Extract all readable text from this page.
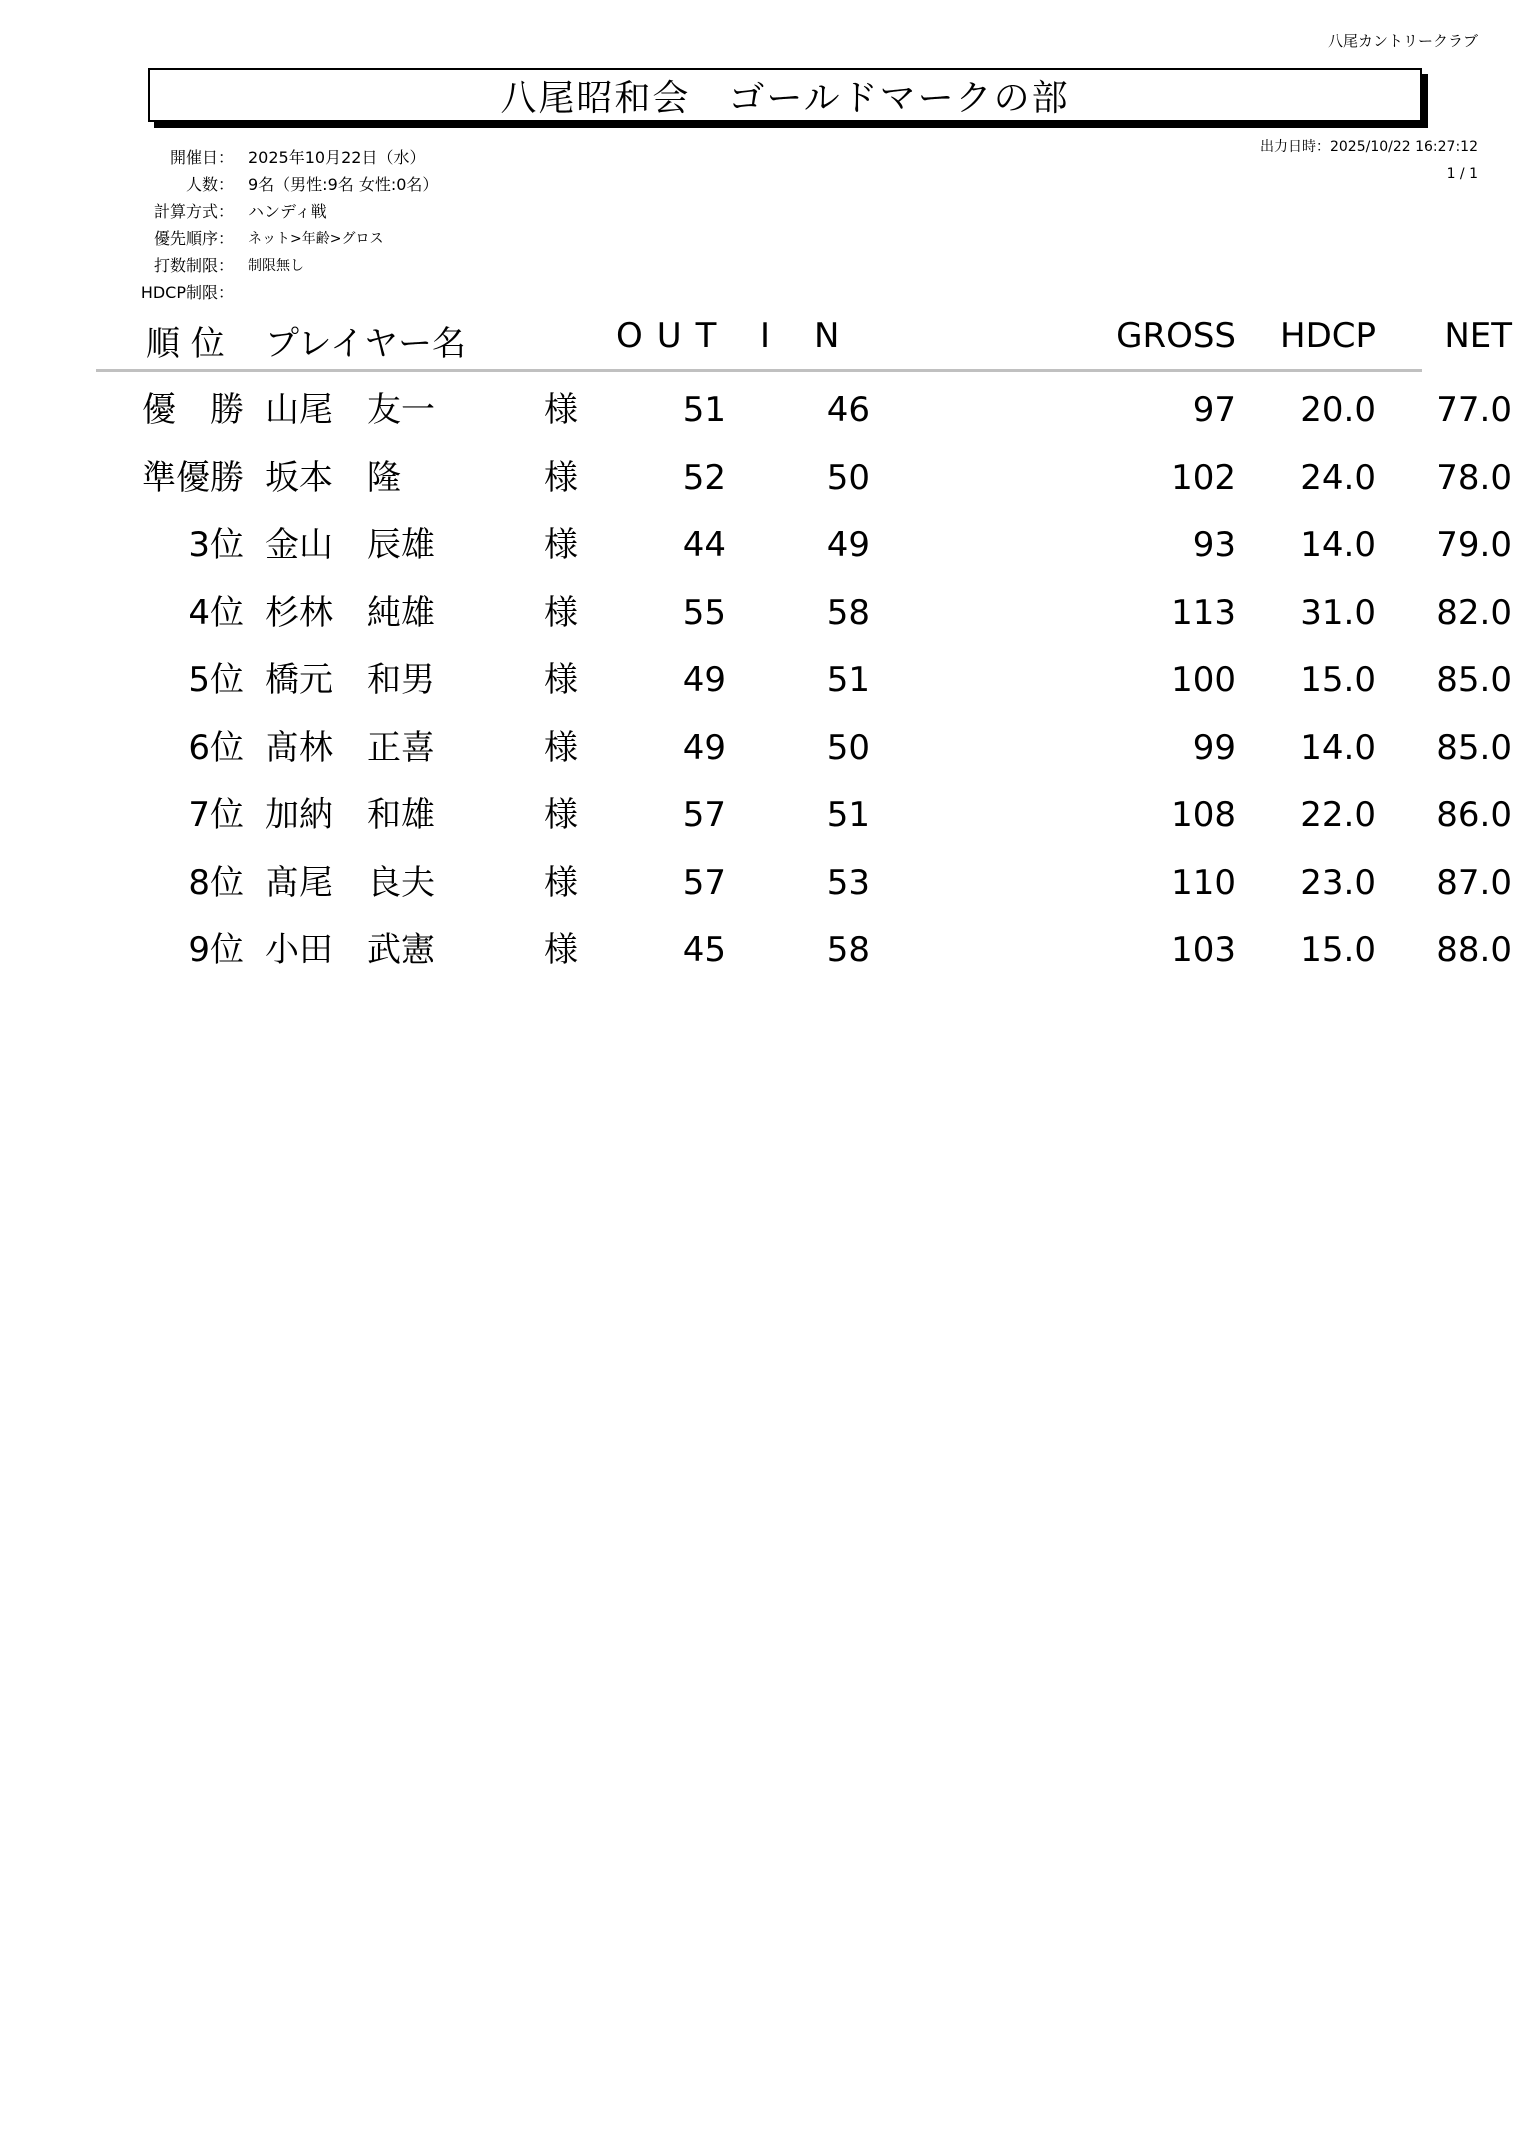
八尾カントリークラブ
八尾昭和会　ゴールドマークの部
出力日時：2025/10/22 16:27:12
1 / 1
開催日： 2025年10月22日（水）
人数： 9名（男性:9名 女性:0名）
計算方式： ハンディ戦
優先順序：	ネット>年齢>グロス
打数制限：	制限無し
HDCP制限：
順 位 プレイヤー名	OUT IN	GROSS	HDCP	NET
優　勝 山尾　友一	様	51	46	97	20.0	77.0
準優勝 坂本　隆	様	52	50	102	24.0	78.0
3位 金山　辰雄	様	44	49	93	14.0	79.0
4位 杉林　純雄	様	55	58	113	31.0	82.0
5位 橋元　和男	様	49	51	100	15.0	85.0
6位 髙林　正喜	様	49	50	99	14.0	85.0
7位 加納　和雄	様	57	51	108	22.0	86.0
8位 髙尾　良夫	様	57	53	110	23.0	87.0
9位 小田　武憲	様	45	58	103	15.0	88.0
